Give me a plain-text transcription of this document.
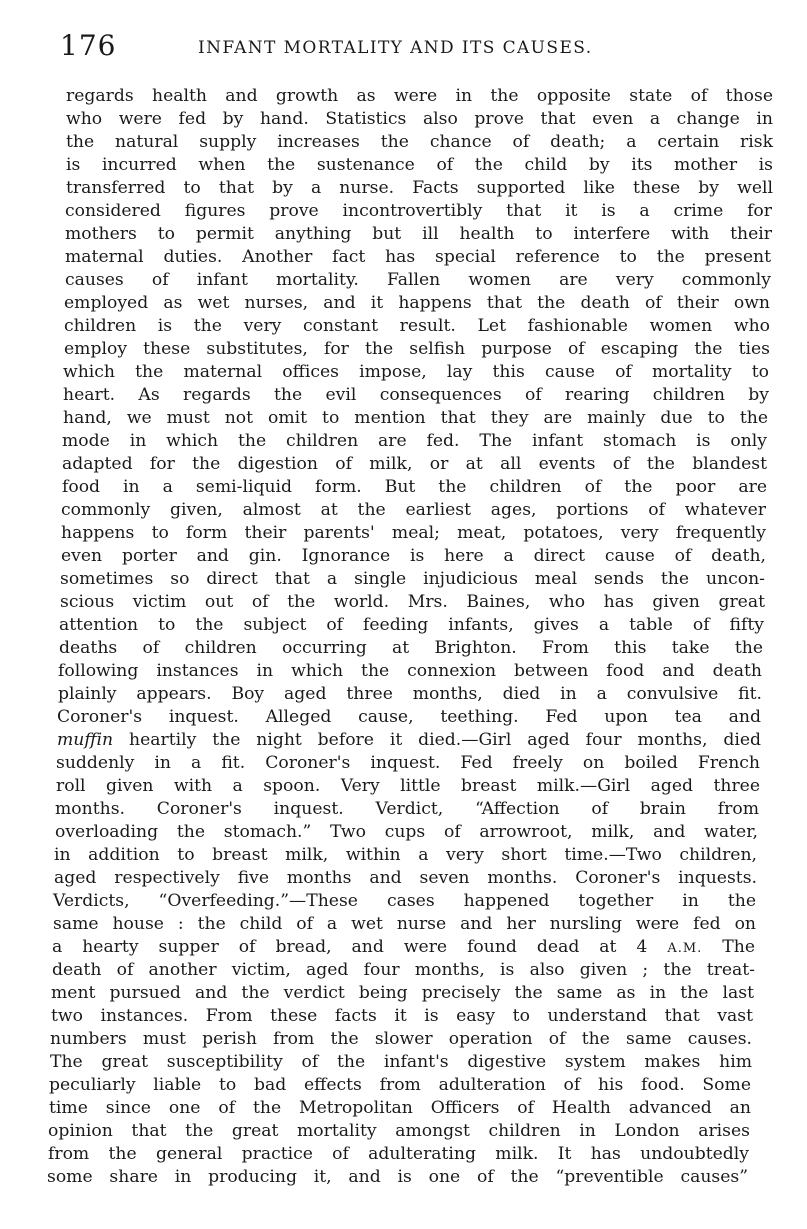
176	INFANT MORTALITY AND ITS CAUSES.
regards health and growth as were in the opposite state of those
who were fed by hand. Statistics also prove that even a change in
the natural supply increases the chance of death; a certain risk
is incurred when the sustenance of the child by its mother is
transferred to that by a nurse. Facts supported like these by well
considered figures prove incontrovertibly that it is a crime for
mothers to permit anything but ill health to interfere with their
maternal duties. Another fact has special reference to the present
causes of infant mortality. Fallen women are very commonly
employed as wet nurses, and it happens that the death of their own
children is the very constant result. Let fashionable women who
employ these substitutes, for the selfish purpose of escaping the ties
which the maternal offices impose, lay this cause of mortality to
heart. As regards the evil consequences of rearing children by
hand, we must not omit to mention that they are mainly due to the
mode in which the children are fed. The infant stomach is only
adapted for the digestion of milk, or at all events of the blandest
food in a semi-liquid form. But the children of the poor are
commonly given, almost at the earliest ages, portions of whatever
happens to form their parents' meal; meat, potatoes, very frequently
even porter and gin. Ignorance is here a direct cause of death,
sometimes so direct that a single injudicious meal sends the uncon-
scious victim out of the world. Mrs. Baines, who has given great
attention to the subject of feeding infants, gives a table of fifty
deaths of children occurring at Brighton. From this take the
following instances in which the connexion between food and death
plainly appears. Boy aged three months, died in a convulsive fit.
Coroner's inquest. Alleged cause, teething. Fed upon tea and
muffin heartily the night before it died.—Girl aged four months, died
suddenly in a fit. Coroner's inquest. Fed freely on boiled French
roll given with a spoon. Very little breast milk.—Girl aged three
months. Coroner's inquest. Verdict, “Affection of brain from
overloading the stomach.” Two cups of arrowroot, milk, and water,
in addition to breast milk, within a very short time.—Two children,
aged respectively five months and seven months. Coroner's inquests.
Verdicts, “Overfeeding.”—These cases happened together in the
same house : the child of a wet nurse and her nursling were fed on
a hearty supper of bread, and were found dead at 4 A.M. The
death of another victim, aged four months, is also given ; the treat-
ment pursued and the verdict being precisely the same as in the last
two instances. From these facts it is easy to understand that vast
numbers must perish from the slower operation of the same causes.
The great susceptibility of the infant's digestive system makes him
peculiarly liable to bad effects from adulteration of his food. Some
time since one of the Metropolitan Officers of Health advanced an
opinion that the great mortality amongst children in London arises
from the general practice of adulterating milk. It has undoubtedly
some share in producing it, and is one of the “preventible causes”
